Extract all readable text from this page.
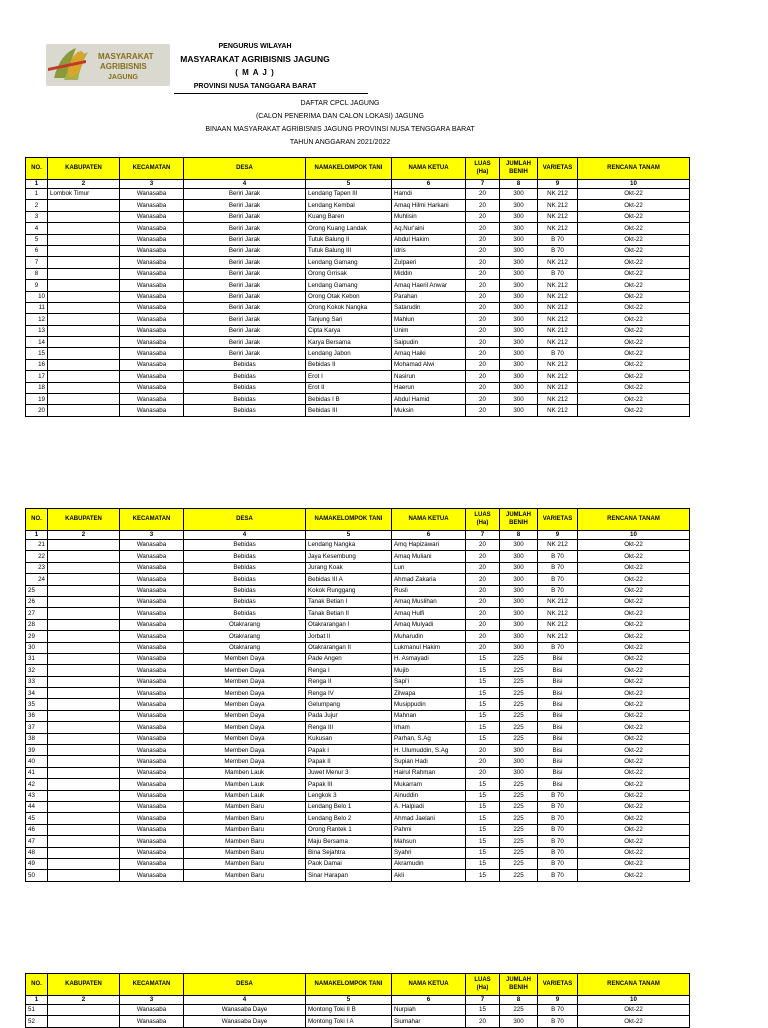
MASYARAKAT
AGRIBISNIS
JAGUNG
PENGURUS WILAYAH
MASYARAKAT AGRIBISNIS JAGUNG
( M A J )
PROVINSI NUSA TANGGARA BARAT
DAFTAR CPCL JAGUNG
(CALON PENERIMA DAN CALON LOKASI) JAGUNG
BINAAN MASYARAKAT AGRIBISNIS JAGUNG PROVINSI NUSA TENGGARA BARAT
TAHUN ANGGARAN 2021/2022
NO.	KABUPATEN	KECAMATAN	DESA	NAMAKELOMPOK TANI	NAMA KETUA	LUAS (Ha)	JUMLAH BENIH	VARIETAS	RENCANA TANAM
1	2	3	4	5	6	7	8	9	10
1	Lombok Timur	Wanasaba	Beriri Jarak	Lendang Tapen III	Hamdi	20	300	NK 212	Okt-22
2		Wanasaba	Beriri Jarak	Lendang Kembal	Amaq Hilmi Harkani	20	300	NK 212	Okt-22
3		Wanasaba	Beriri Jarak	Kuang Baren	Muhlisin	20	300	NK 212	Okt-22
4		Wanasaba	Beriri Jarak	Orong Kuang Landak	Aq.Nur'aini	20	300	NK 212	Okt-22
5		Wanasaba	Beriri Jarak	Tutuk Balung II	Abdul Hakim	20	300	B 70	Okt-22
6		Wanasaba	Beriri Jarak	Tutuk Balung III	Idris	20	300	B 70	Okt-22
7		Wanasaba	Beriri Jarak	Lendang Gamang	Zulpaeri	20	300	NK 212	Okt-22
8		Wanasaba	Beriri Jarak	Orong Grrisak	Middin	20	300	B 70	Okt-22
9		Wanasaba	Beriri Jarak	Lendang Gamang	Amaq Haeril Anwar	20	300	NK 212	Okt-22
10		Wanasaba	Beriri Jarak	Orong Otak Kebon	Parahan	20	300	NK 212	Okt-22
11		Wanasaba	Beriri Jarak	Orong Kokok Nangka	Satarudin	20	300	NK 212	Okt-22
12		Wanasaba	Beriri Jarak	Tanjung Sari	Mahlun	20	300	NK 212	Okt-22
13		Wanasaba	Beriri Jarak	Cipta Karya	Unim	20	300	NK 212	Okt-22
14		Wanasaba	Beriri Jarak	Karya Bersama	Saipudin	20	300	NK 212	Okt-22
15		Wanasaba	Beriri Jarak	Lendang Jabon	Amaq Haiki	20	300	B 70	Okt-22
16		Wanasaba	Bebidas	Bebidas II	Mohamad Alwi	20	300	NK 212	Okt-22
17		Wanasaba	Bebidas	Erot I	Nasirun	20	300	NK 212	Okt-22
18		Wanasaba	Bebidas	Erot II	Haerun	20	300	NK 212	Okt-22
19		Wanasaba	Bebidas	Bebidas I B	Abdul Hamid	20	300	NK 212	Okt-22
20		Wanasaba	Bebidas	Bebidas III	Muksin	20	300	NK 212	Okt-22
NO.	KABUPATEN	KECAMATAN	DESA	NAMAKELOMPOK TANI	NAMA KETUA	LUAS (Ha)	JUMLAH BENIH	VARIETAS	RENCANA TANAM
1	2	3	4	5	6	7	8	9	10
21		Wanasaba	Bebidas	Lendang Nangka	Amq Hapizawari	20	300	NK 212	Okt-22
22		Wanasaba	Bebidas	Jaya Kesembung	Amaq Muliani	20	300	B 70	Okt-22
23		Wanasaba	Bebidas	Jurang Koak	Lun	20	300	B 70	Okt-22
24		Wanasaba	Bebidas	Bebidas III A	Ahmad Zakaria	20	300	B 70	Okt-22
25		Wanasaba	Bebidas	Kokok Runggang	Rusli	20	300	B 70	Okt-22
26		Wanasaba	Bebidas	Tanak Betian I	Amaq Muslihan	20	300	NK 212	Okt-22
27		Wanasaba	Bebidas	Tanak Betian II	Amaq Hulfi	20	300	NK 212	Okt-22
28		Wanasaba	Otakrarang	Otakrarangan I	Amaq Mulyadi	20	300	NK 212	Okt-22
29		Wanasaba	Otakrarang	Jorbat II	Muharudin	20	300	NK 212	Okt-22
30		Wanasaba	Otakrarang	Otakrarangan II	Lukmanul Hakim	20	300	B 70	Okt-22
31		Wanasaba	Memben Daya	Pade Angen	H. Asmayadi	15	225	Bisi	Okt-22
32		Wanasaba	Memben Daya	Renga I	Mujib	15	225	Bisi	Okt-22
33		Wanasaba	Memben Daya	Renga II	Sapi'i	15	225	Bisi	Okt-22
34		Wanasaba	Memben Daya	Renga IV	Zilwapa	15	225	Bisi	Okt-22
35		Wanasaba	Memben Daya	Gelumpang	Musippudin	15	225	Bisi	Okt-22
36		Wanasaba	Memben Daya	Pada Jujur	Mahnan	15	225	Bisi	Okt-22
37		Wanasaba	Memben Daya	Renga III	Irham	15	225	Bisi	Okt-22
38		Wanasaba	Memben Daya	Kukusan	Parhan, S.Ag	15	225	Bisi	Okt-22
39		Wanasaba	Memben Daya	Papak I	H. Ulumuddin, S.Ag	20	300	Bisi	Okt-22
40		Wanasaba	Memben Daya	Papak II	Supian Hadi	20	300	Bisi	Okt-22
41		Wanasaba	Mamben Lauk	Juwet Menur 3	Hairul Rahman	20	300	Bisi	Okt-22
42		Wanasaba	Mamben Lauk	Papak III	Mukarram	15	225	Bisi	Okt-22
43		Wanasaba	Mamben Lauk	Lengkok 3	Ainuddin	15	225	B 70	Okt-22
44		Wanasaba	Mamben Baru	Lendang Belo 1	A. Halpiadi	15	225	B 70	Okt-22
45		Wanasaba	Mamben Baru	Lendang Belo 2	Ahmad Jaelani	15	225	B 70	Okt-22
46		Wanasaba	Mamben Baru	Orong Rantek 1	Pahmi	15	225	B 70	Okt-22
47		Wanasaba	Mamben Baru	Maju Bersama	Mahsun	15	225	B 70	Okt-22
48		Wanasaba	Mamben Baru	Bina Sejahtra	Syahri	15	225	B 70	Okt-22
49		Wanasaba	Mamben Baru	Paok Damai	Akramudin	15	225	B 70	Okt-22
50		Wanasaba	Mamben Baru	Sinar Harapan	Akli	15	225	B 70	Okt-22
NO.	KABUPATEN	KECAMATAN	DESA	NAMAKELOMPOK TANI	NAMA KETUA	LUAS (Ha)	JUMLAH BENIH	VARIETAS	RENCANA TANAM
1	2	3	4	5	6	7	8	9	10
51		Wanasaba	Wanasaba Daye	Montong Toki II B	Nurpiah	15	225	B 70	Okt-22
52		Wanasaba	Wanasaba Daye	Montong Toki I A	Siumahar	20	300	B 70	Okt-22
